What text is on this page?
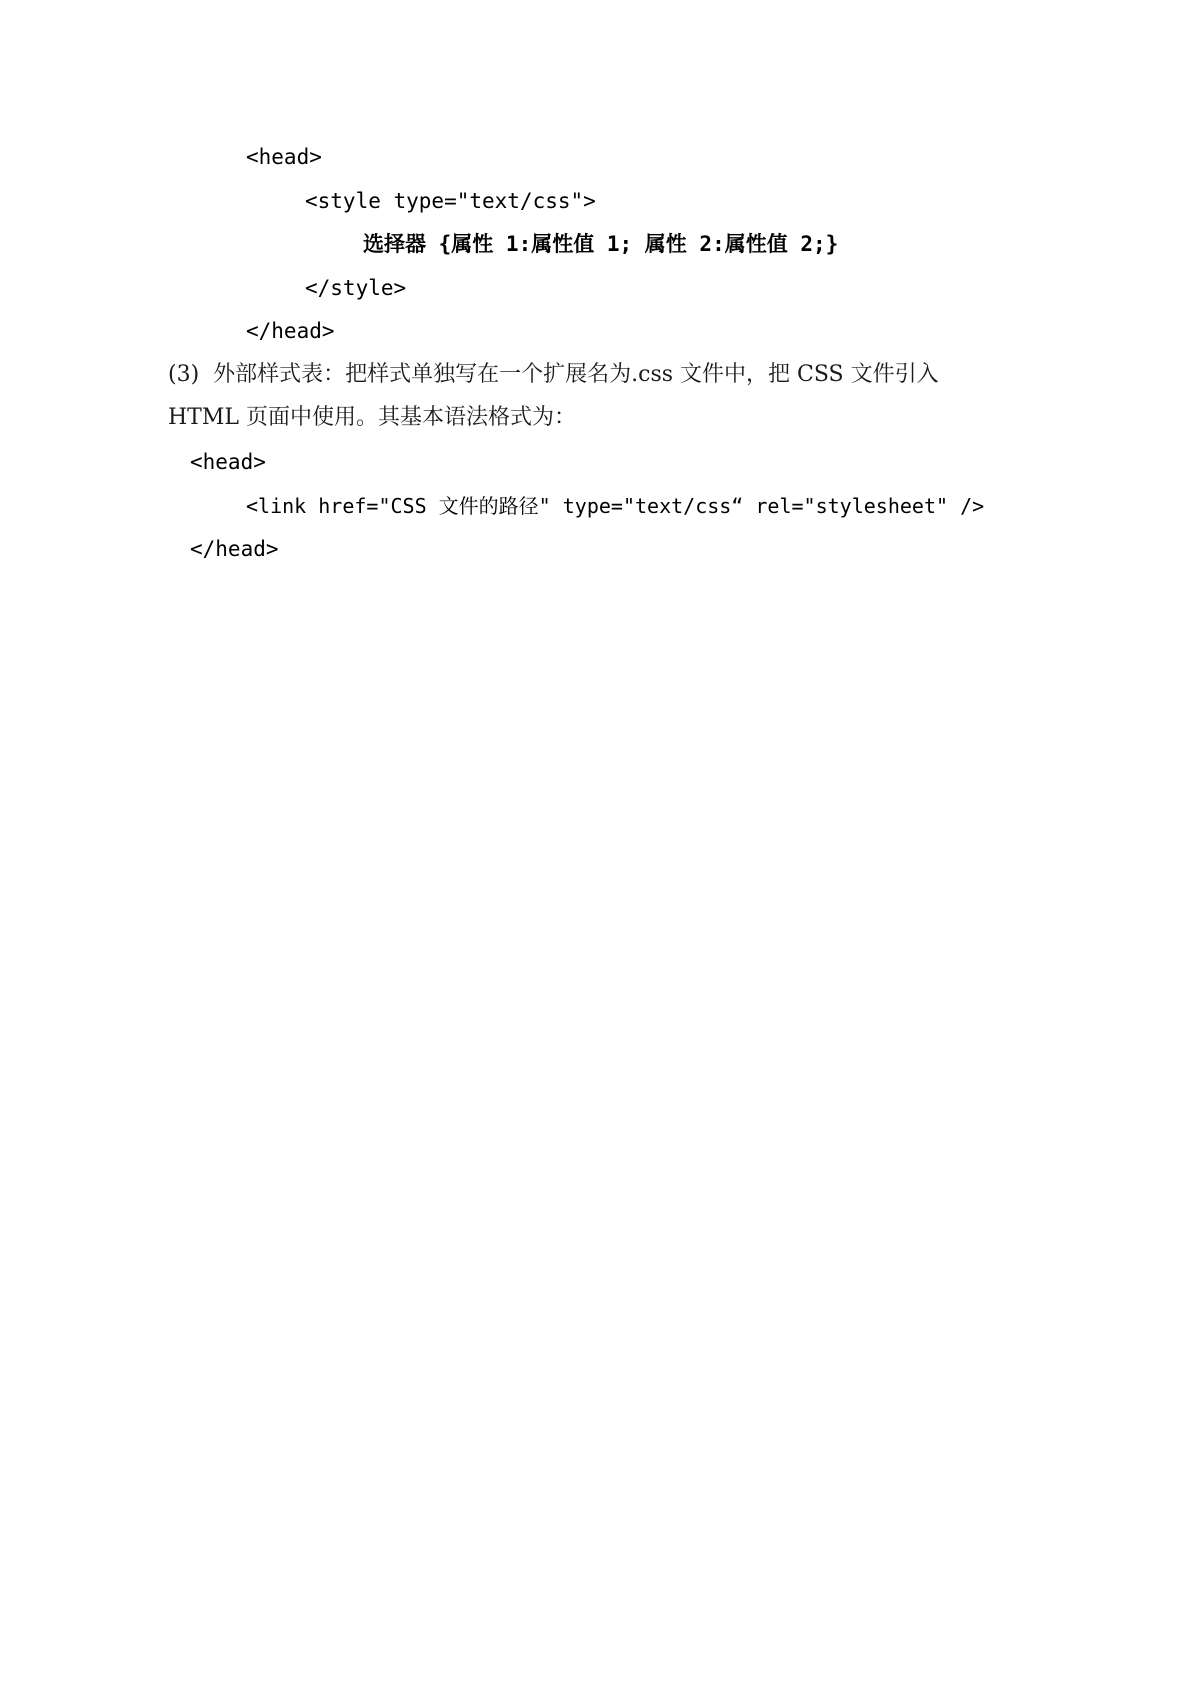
<head>
<style type="text/css">
选择器 {属性 1:属性值 1; 属性 2:属性值 2;}
</style>
</head>
(3)  外部样式表：把样式单独写在一个扩展名为.css 文件中，把 CSS 文件引入
HTML 页面中使用。其基本语法格式为：
<head>
<link href="CSS 文件的路径" type="text/css“ rel="stylesheet" />
</head>
